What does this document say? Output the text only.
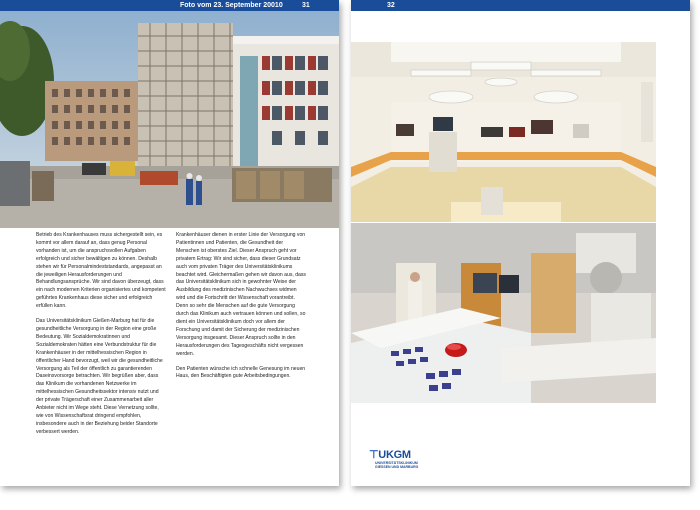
Foto vom 23. September 20010	31

Betrieb des Krankenhauses muss sichergestellt sein, es kommt vor allem darauf an, dass genug Personal vorhanden ist, um die anspruchsvollen Aufgaben erfolgreich und sicher bewältigen zu können. Deshalb stehen wir für Personalmindeststandards, angepasst an die jeweiligen Herausforderungen und Behandlungsansprüche. Wir sind davon überzeugt, dass ein nach modernen Kriterien organisiertes und kompetent geführtes Krankenhaus diese sicher und erfolgreich erfüllen kann.

Das Universitätsklinikum Gießen-Marburg hat für die gesundheitliche Versorgung in der Region eine große Bedeutung. Wir Sozialdemokratinnen und Sozialdemokraten hätten eine Verbundstruktur für die Krankenhäuser in der mittelhessischen Region in öffentlicher Hand bevorzugt, weil wir die gesundheitliche Versorgung als Teil der öffentlich zu garantierenden Daseinsvorsorge betrachten. Wir begrüßen aber, dass das Klinikum die vorhandenen Netzwerke im mittelhessischen Gesundheitssektor intensiv nutzt und der private Trägerschaft einer Zusammenarbeit aller Anbieter nicht im Wege steht. Diese Vernetzung sollte, wie von Wissenschaftsrat dringend empfohlen, insbesondere auch in der Beziehung beider Standorte verbessert werden.

32
⊤UKGM
UNIVERSITÄTSKLINIKUM
GIESSEN UND MARBURG

Krankenhäuser dienen in erster Linie der Versorgung von Patientinnen und Patienten, die Gesundheit der Menschen ist oberstes Ziel. Dieser Anspruch geht vor privatem Ertrag: Wir sind sicher, dass dieser Grundsatz auch vom privaten Träger des Universitätsklinikums beachtet wird. Gleichermaßen gehen wir davon aus, dass das Universitätsklinikum sich in gewohnter Weise der Ausbildung des medizinischen Nachwuchses widmen wird und die Fortschritt der Wissenschaft vorantreibt. Denn so sehr die Menschen auf die gute Versorgung durch das Klinikum auch vertrauen können und sollen, so dient ein Universitätsklinikum doch vor allem der Forschung und damit der Sicherung der medizinischen Versorgung insgesamt. Dieser Anspruch sollte in den Herausforderungen des Tagesgeschäfts nicht vergessen werden.

Den Patienten wünsche ich schnelle Genesung im neuen Haus, den Beschäftigten gute Arbeitsbedingungen.
